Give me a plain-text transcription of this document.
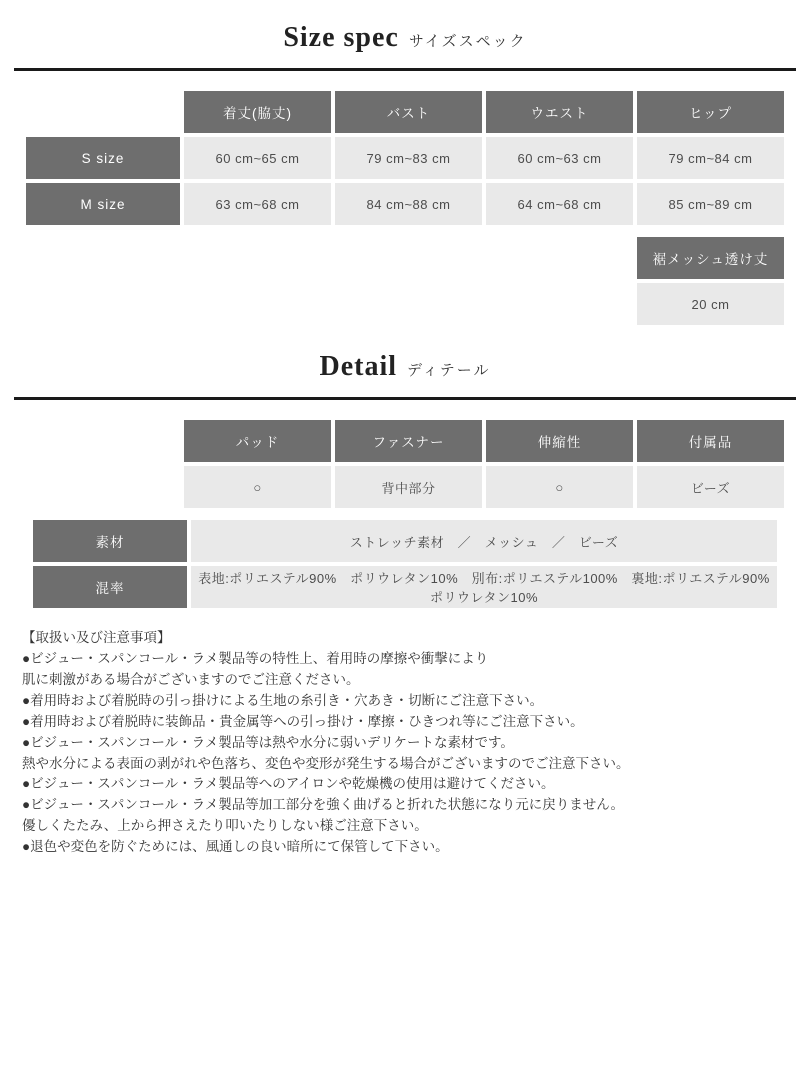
Size spec サイズスペック
	着丈(脇丈)	バスト	ウエスト	ヒップ
S size	60 cm~65 cm	79 cm~83 cm	60 cm~63 cm	79 cm~84 cm
M size	63 cm~68 cm	84 cm~88 cm	64 cm~68 cm	85 cm~89 cm
				裾メッシュ透け丈
				20 cm
Detail ディテール
	パッド	ファスナー	伸縮性	付属品
	○	背中部分	○	ビーズ
素材	ストレッチ素材　／　メッシュ　／　ビーズ
混率	表地:ポリエステル90%　ポリウレタン10%　別布:ポリエステル100%　裏地:ポリエステル90%　ポリウレタン10%
【取扱い及び注意事項】
●ビジュー・スパンコール・ラメ製品等の特性上、着用時の摩擦や衝撃により
肌に刺激がある場合がございますのでご注意ください。
●着用時および着脱時の引っ掛けによる生地の糸引き・穴あき・切断にご注意下さい。
●着用時および着脱時に装飾品・貴金属等への引っ掛け・摩擦・ひきつれ等にご注意下さい。
●ビジュー・スパンコール・ラメ製品等は熱や水分に弱いデリケートな素材です。
熱や水分による表面の剥がれや色落ち、変色や変形が発生する場合がございますのでご注意下さい。
●ビジュー・スパンコール・ラメ製品等へのアイロンや乾燥機の使用は避けてください。
●ビジュー・スパンコール・ラメ製品等加工部分を強く曲げると折れた状態になり元に戻りません。
優しくたたみ、上から押さえたり叩いたりしない様ご注意下さい。
●退色や変色を防ぐためには、風通しの良い暗所にて保管して下さい。
